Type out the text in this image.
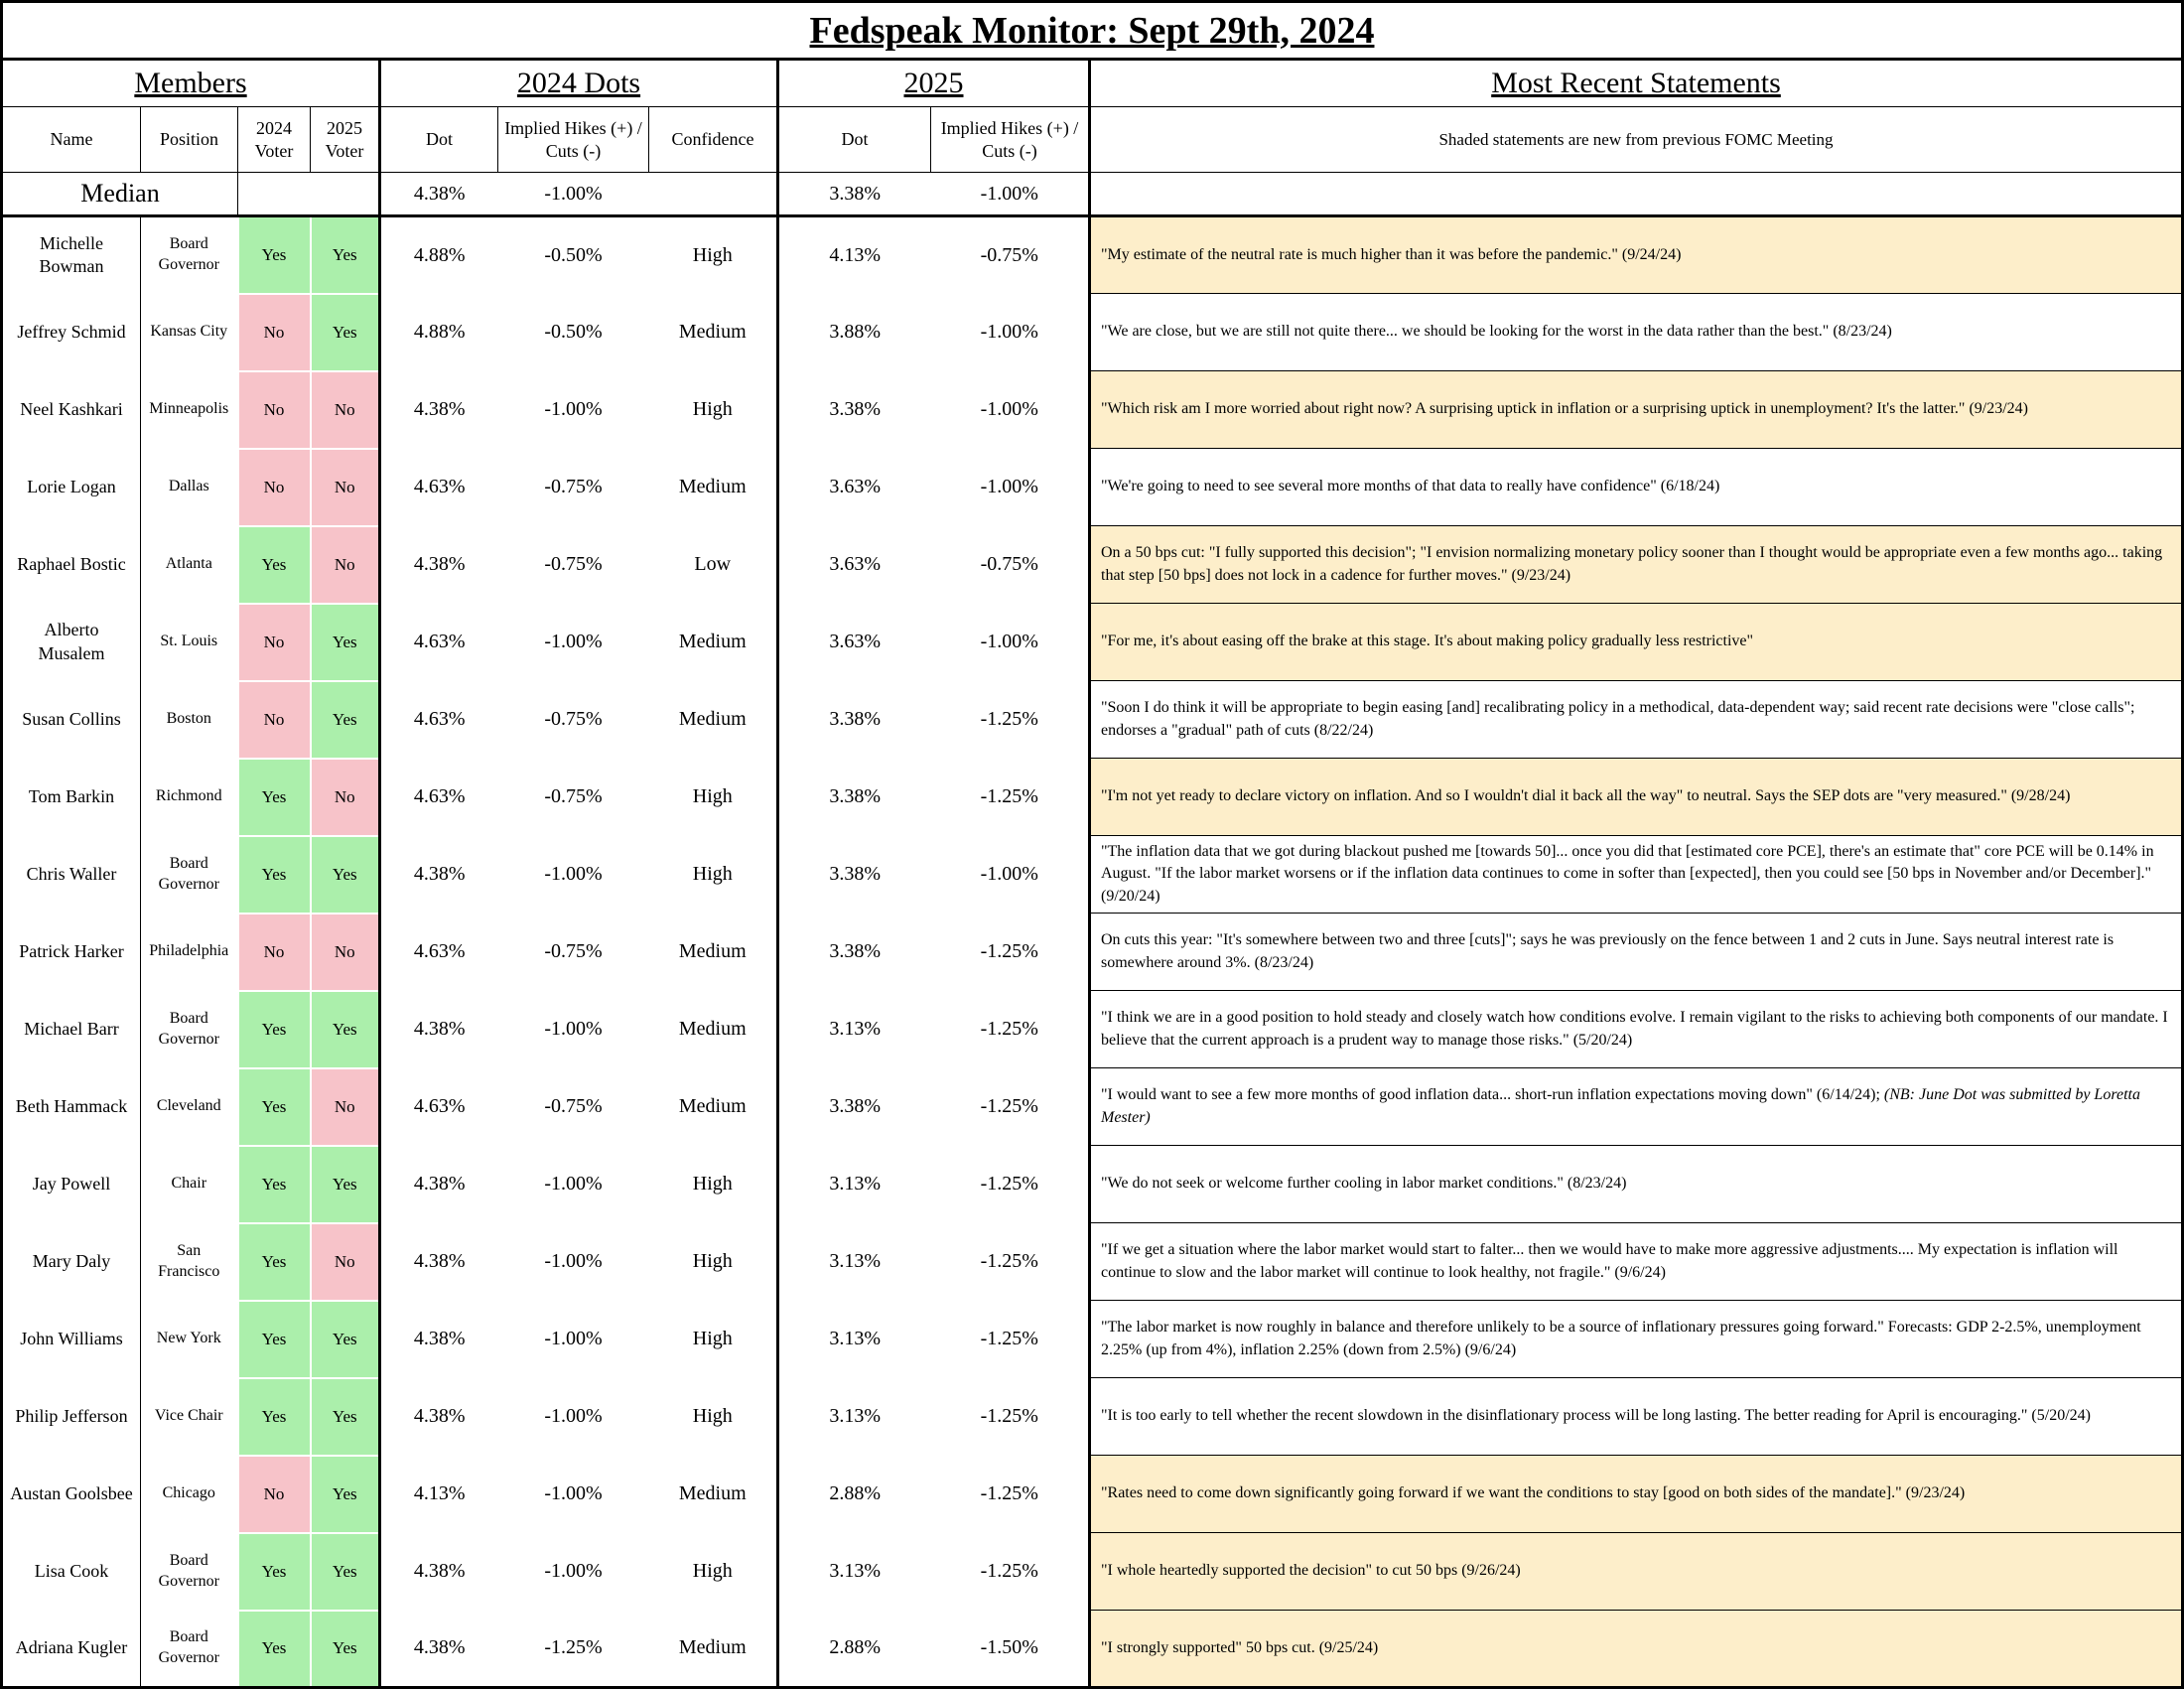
Fedspeak Monitor: Sept 29th, 2024									
Members				2024 Dots			2025		Most Recent Statements
Name	Position	2024 Voter	2025 Voter	Dot	Implied Hikes (+) / Cuts (-)	Confidence	Dot	Implied Hikes (+) / Cuts (-)	Shaded statements are new from previous FOMC Meeting
Median				4.38%	-1.00%		3.38%	-1.00%	
Michelle Bowman	Board Governor	Yes	Yes	4.88%	-0.50%	High	4.13%	-0.75%	"My estimate of the neutral rate is much higher than it was before the pandemic." (9/24/24)
Jeffrey Schmid	Kansas City	No	Yes	4.88%	-0.50%	Medium	3.88%	-1.00%	"We are close, but we are still not quite there... we should be looking for the worst in the data rather than the best." (8/23/24)
Neel Kashkari	Minneapolis	No	No	4.38%	-1.00%	High	3.38%	-1.00%	"Which risk am I more worried about right now? A surprising uptick in inflation or a surprising uptick in unemployment? It's the latter." (9/23/24)
Lorie Logan	Dallas	No	No	4.63%	-0.75%	Medium	3.63%	-1.00%	"We're going to need to see several more months of that data to really have confidence" (6/18/24)
Raphael Bostic	Atlanta	Yes	No	4.38%	-0.75%	Low	3.63%	-0.75%	On a 50 bps cut: "I fully supported this decision"; "I envision normalizing monetary policy sooner than I thought would be appropriate even a few months ago... taking that step [50 bps] does not lock in a cadence for further moves." (9/23/24)
Alberto Musalem	St. Louis	No	Yes	4.63%	-1.00%	Medium	3.63%	-1.00%	"For me, it's about easing off the brake at this stage. It's about making policy gradually less restrictive"
Susan Collins	Boston	No	Yes	4.63%	-0.75%	Medium	3.38%	-1.25%	"Soon I do think it will be appropriate to begin easing [and] recalibrating policy in a methodical, data-dependent way; said recent rate decisions were "close calls"; endorses a "gradual" path of cuts (8/22/24)
Tom Barkin	Richmond	Yes	No	4.63%	-0.75%	High	3.38%	-1.25%	"I'm not yet ready to declare victory on inflation. And so I wouldn't dial it back all the way" to neutral. Says the SEP dots are "very measured." (9/28/24)
Chris Waller	Board Governor	Yes	Yes	4.38%	-1.00%	High	3.38%	-1.00%	"The inflation data that we got during blackout pushed me [towards 50]... once you did that [estimated core PCE], there's an estimate that" core PCE will be 0.14% in August. "If the labor market worsens or if the inflation data continues to come in softer than [expected], then you could see [50 bps in November and/or December]." (9/20/24)
Patrick Harker	Philadelphia	No	No	4.63%	-0.75%	Medium	3.38%	-1.25%	On cuts this year: "It's somewhere between two and three [cuts]"; says he was previously on the fence between 1 and 2 cuts in June. Says neutral interest rate is somewhere around 3%. (8/23/24)
Michael Barr	Board Governor	Yes	Yes	4.38%	-1.00%	Medium	3.13%	-1.25%	"I think we are in a good position to hold steady and closely watch how conditions evolve. I remain vigilant to the risks to achieving both components of our mandate. I believe that the current approach is a prudent way to manage those risks." (5/20/24)
Beth Hammack	Cleveland	Yes	No	4.63%	-0.75%	Medium	3.38%	-1.25%	"I would want to see a few more months of good inflation data... short-run inflation expectations moving down" (6/14/24); (NB: June Dot was submitted by Loretta Mester)
Jay Powell	Chair	Yes	Yes	4.38%	-1.00%	High	3.13%	-1.25%	"We do not seek or welcome further cooling in labor market conditions." (8/23/24)
Mary Daly	San Francisco	Yes	No	4.38%	-1.00%	High	3.13%	-1.25%	"If we get a situation where the labor market would start to falter... then we would have to make more aggressive adjustments.... My expectation is inflation will continue to slow and the labor market will continue to look healthy, not fragile." (9/6/24)
John Williams	New York	Yes	Yes	4.38%	-1.00%	High	3.13%	-1.25%	"The labor market is now roughly in balance and therefore unlikely to be a source of inflationary pressures going forward." Forecasts: GDP 2-2.5%, unemployment 2.25% (up from 4%), inflation 2.25% (down from 2.5%) (9/6/24)
Philip Jefferson	Vice Chair	Yes	Yes	4.38%	-1.00%	High	3.13%	-1.25%	"It is too early to tell whether the recent slowdown in the disinflationary process will be long lasting. The better reading for April is encouraging." (5/20/24)
Austan Goolsbee	Chicago	No	Yes	4.13%	-1.00%	Medium	2.88%	-1.25%	"Rates need to come down significantly going forward if we want the conditions to stay [good on both sides of the mandate]." (9/23/24)
Lisa Cook	Board Governor	Yes	Yes	4.38%	-1.00%	High	3.13%	-1.25%	"I whole heartedly supported the decision" to cut 50 bps (9/26/24)
Adriana Kugler	Board Governor	Yes	Yes	4.38%	-1.25%	Medium	2.88%	-1.50%	"I strongly supported" 50 bps cut. (9/25/24)
